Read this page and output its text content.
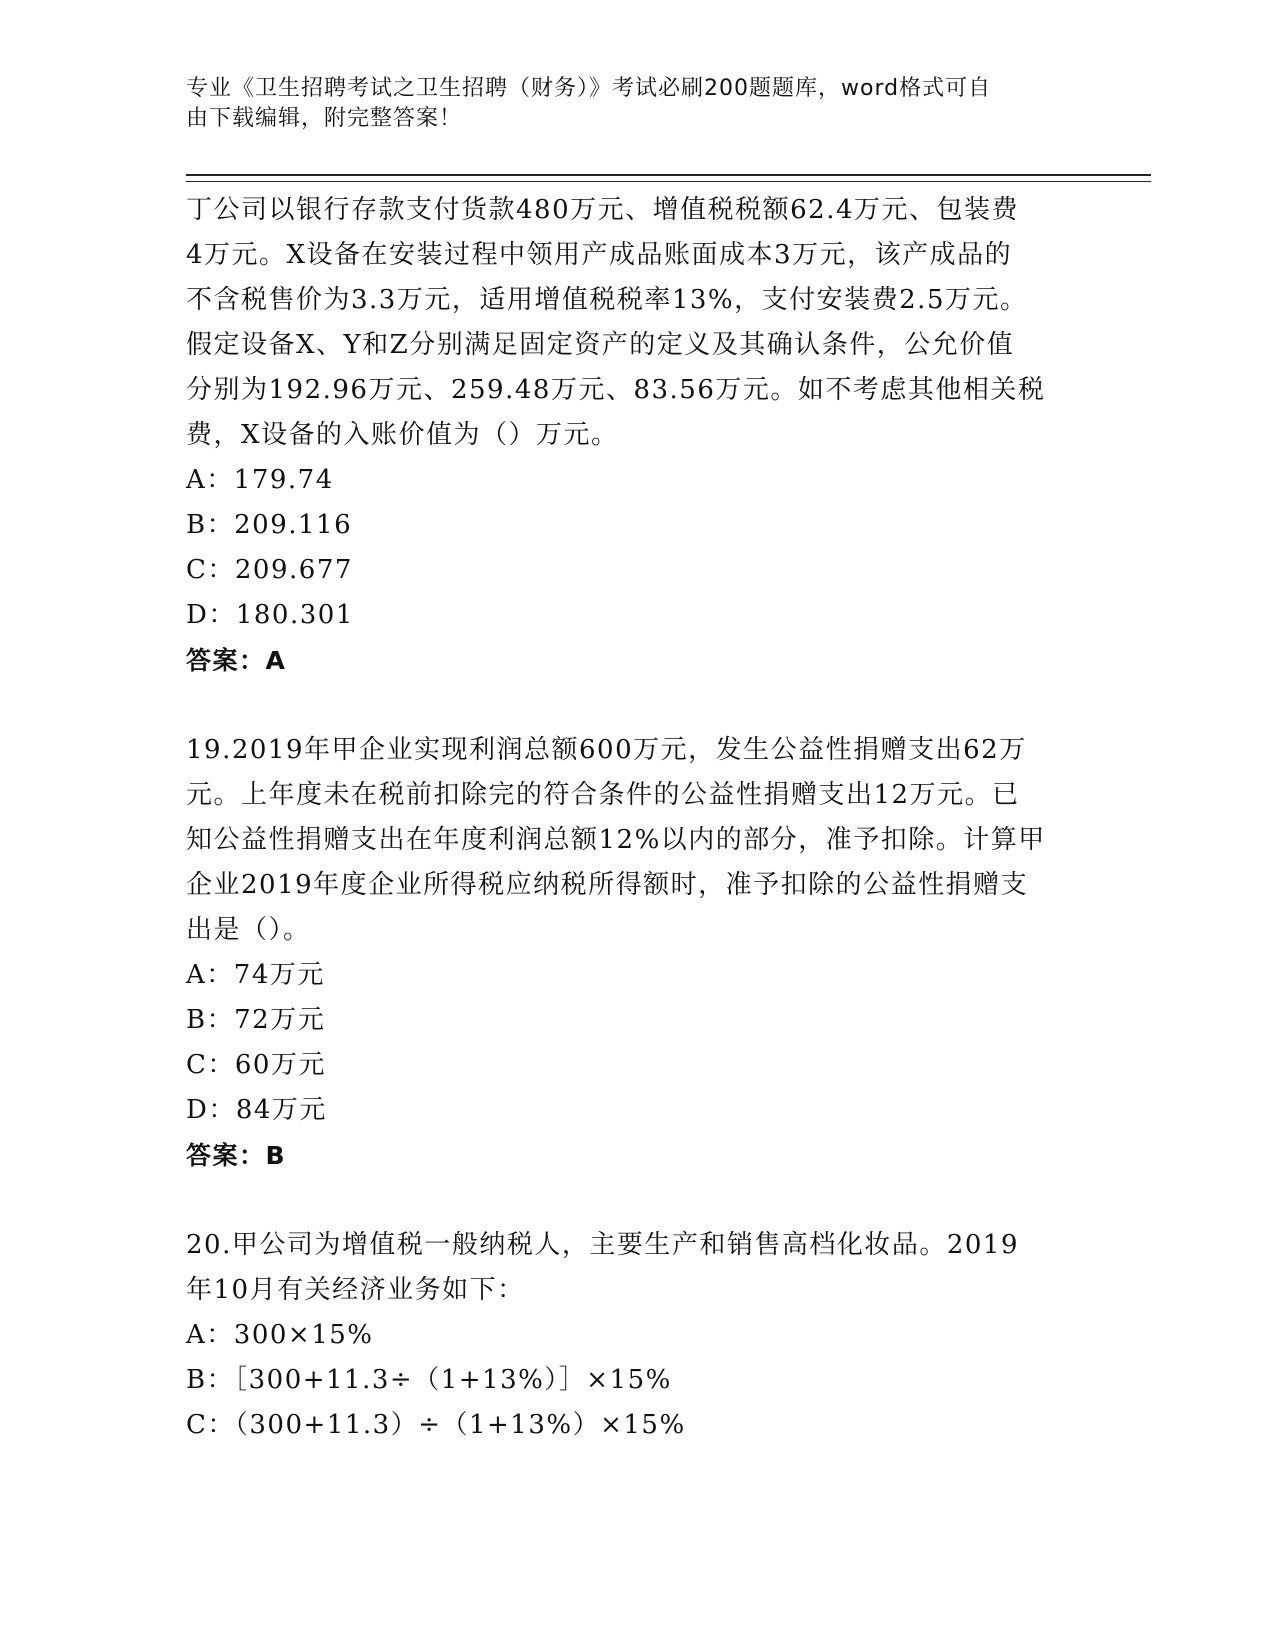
专业《卫生招聘考试之卫生招聘（财务）》考试必刷200题题库，word格式可自
由下载编辑，附完整答案！
丁公司以银行存款支付货款480万元、增值税税额62.4万元、包装费
4万元。X设备在安装过程中领用产成品账面成本3万元，该产成品的
不含税售价为3.3万元，适用增值税税率13%，支付安装费2.5万元。
假定设备X、Y和Z分别满足固定资产的定义及其确认条件，公允价值
分别为192.96万元、259.48万元、83.56万元。如不考虑其他相关税
费，X设备的入账价值为（）万元。
A：179.74
B：209.116
C：209.677
D：180.301
答案：A
19.2019年甲企业实现利润总额600万元，发生公益性捐赠支出62万
元。上年度未在税前扣除完的符合条件的公益性捐赠支出12万元。已
知公益性捐赠支出在年度利润总额12%以内的部分，准予扣除。计算甲
企业2019年度企业所得税应纳税所得额时，准予扣除的公益性捐赠支
出是（）。
A：74万元
B：72万元
C：60万元
D：84万元
答案：B
20.甲公司为增值税一般纳税人，主要生产和销售高档化妆品。2019
年10月有关经济业务如下：
A：300×15%
B：［300+11.3÷（1+13%）］×15%
C：（300+11.3）÷（1+13%）×15%
